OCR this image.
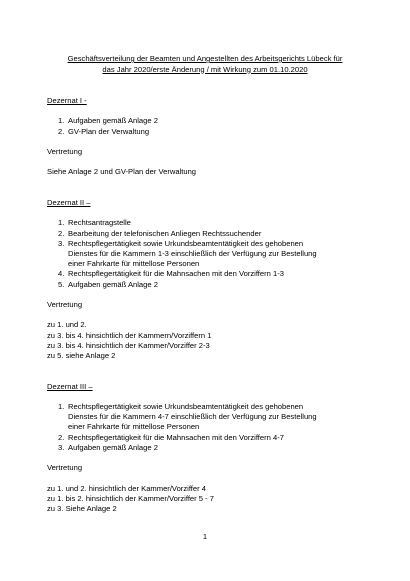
Geschäftsverteilung der Beamten und Angestellten des Arbeitsgerichts Lübeck für
das Jahr 2020/erste Änderung / mit Wirkung zum 01.10.2020
Dezernat I -
1. Aufgaben gemäß Anlage 2
2. GV-Plan der Verwaltung
Vertretung
Siehe Anlage 2 und GV-Plan der Verwaltung
Dezernat II –
1. Rechtsantragstelle
2. Bearbeitung der telefonischen Anliegen Rechtssuchender
3. Rechtspflegertätigkeit sowie Urkundsbeamtentätigkeit des gehobenen
Dienstes für die Kammern 1-3 einschließlich der Verfügung zur Bestellung
einer Fahrkarte für mittellose Personen
4. Rechtspflegertätigkeit für die Mahnsachen mit den Vorziffern 1-3
5. Aufgaben gemäß Anlage 2
Vertretung
zu 1. und 2.
zu 3. bis 4. hinsichtlich der Kammern/Vorziffern 1
zu 3. bis 4. hinsichtlich der Kammer/Vorziffer 2-3
zu 5. siehe Anlage 2
Dezernat III –
1. Rechtspflegertätigkeit sowie Urkundsbeamtentätigkeit des gehobenen
Dienstes für die Kammern 4-7 einschließlich der Verfügung zur Bestellung
einer Fahrkarte für mittellose Personen
2. Rechtspflegertätigkeit für die Mahnsachen mit den Vorziffern 4-7
3. Aufgaben gemäß Anlage 2
Vertretung
zu 1. und 2. hinsichtlich der Kammer/Vorziffer 4
zu 1. bis 2. hinsichtlich der Kammer/Vorziffer 5 - 7
zu 3. Siehe Anlage 2
1
